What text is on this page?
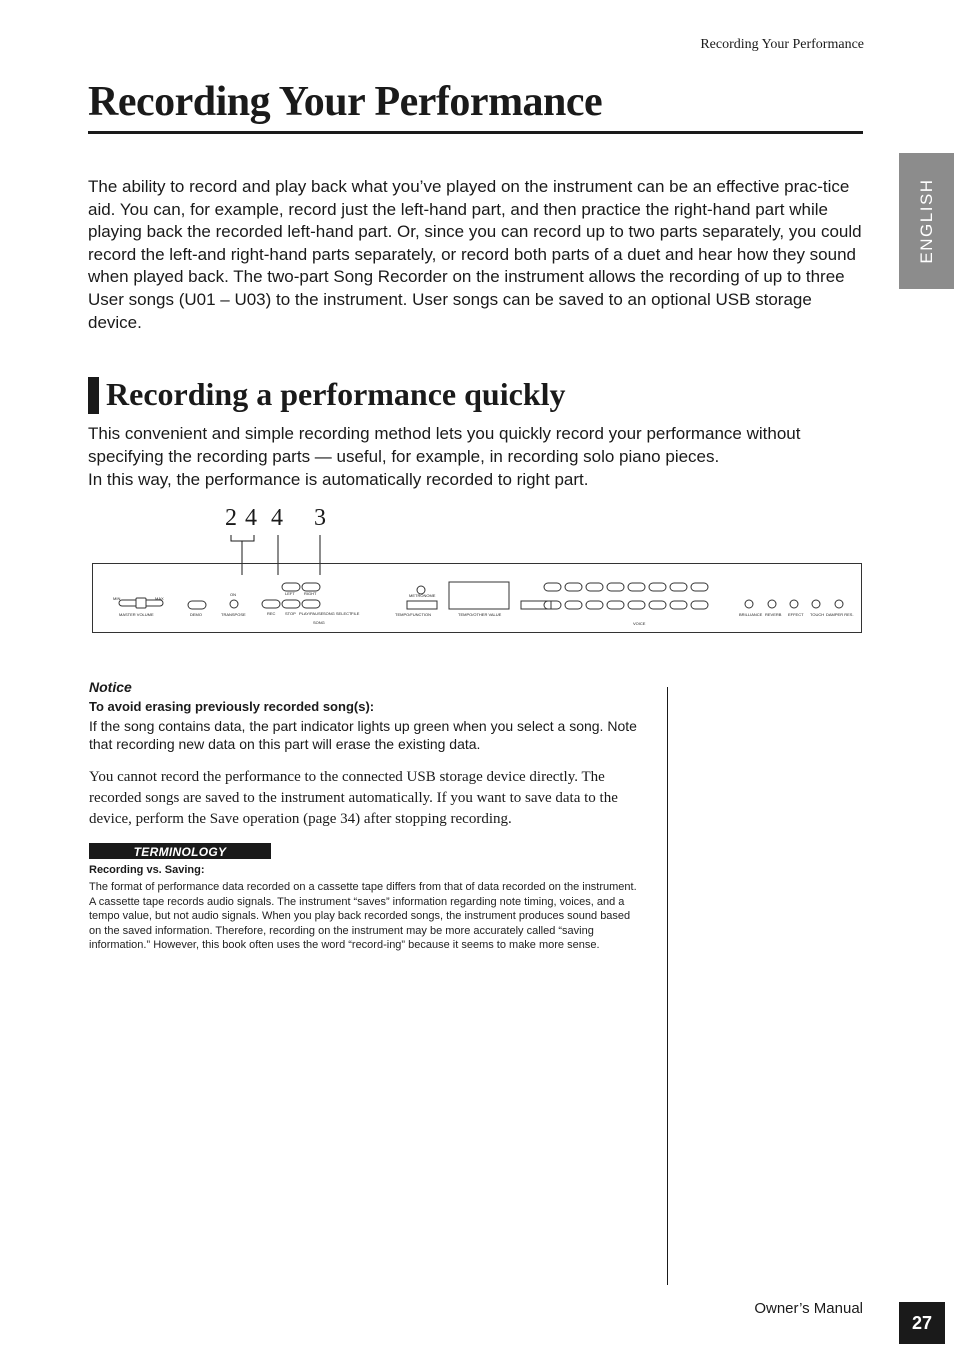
Recording Your Performance
Recording Your Performance
ENGLISH

The ability to record and play back what you’ve played on the instrument can be an effective prac-tice aid. You can, for example, record just the left-hand part, and then practice the right-hand part while playing back the recorded left-hand part. Or, since you can record up to two parts separately, you could record the left-and right-hand parts separately, or record both parts of a duet and hear how they sound when played back. The two-part Song Recorder on the instrument allows the recording of up to three User songs (U01 – U03) to the instrument. User songs can be saved to an optional USB storage device.

Recording a performance quickly

This convenient and simple recording method lets you quickly record your performance without specifying the recording parts — useful, for example, in recording solo piano pieces.
In this way, the performance is automatically recorded to right part.

2 4 4 3
MIN	MAX
MASTER VOLUME	DEMO
ON
TRANSPOSE	REC STOP PLAY/PAUSE
LEFT RIGHT
SONG SELECT FILE
SONG
METRONOME
TEMPO/FUNCTION	TEMPO/OTHER VALUE
VOICE
BRILLIANCE REVERB EFFECT TOUCH DAMPER RES.
Notice
To avoid erasing previously recorded song(s):

If the song contains data, the part indicator lights up green when you select a song. Note that recording new data on this part will erase the existing data.

You cannot record the performance to the connected USB storage device directly. The recorded songs are saved to the instrument automatically. If you want to save data to the device, perform the Save operation (page 34) after stopping recording.

TERMINOLOGY
Recording vs. Saving:

The format of performance data recorded on a cassette tape differs from that of data recorded on the instrument. A cassette tape records audio signals. The instrument “saves” information regarding note timing, voices, and a tempo value, but not audio signals. When you play back recorded songs, the instrument produces sound based on the saved information. Therefore, recording on the instrument may be more accurately called “saving information.” However, this book often uses the word “record-ing” because it seems to make more sense.

Owner’s Manual
27
